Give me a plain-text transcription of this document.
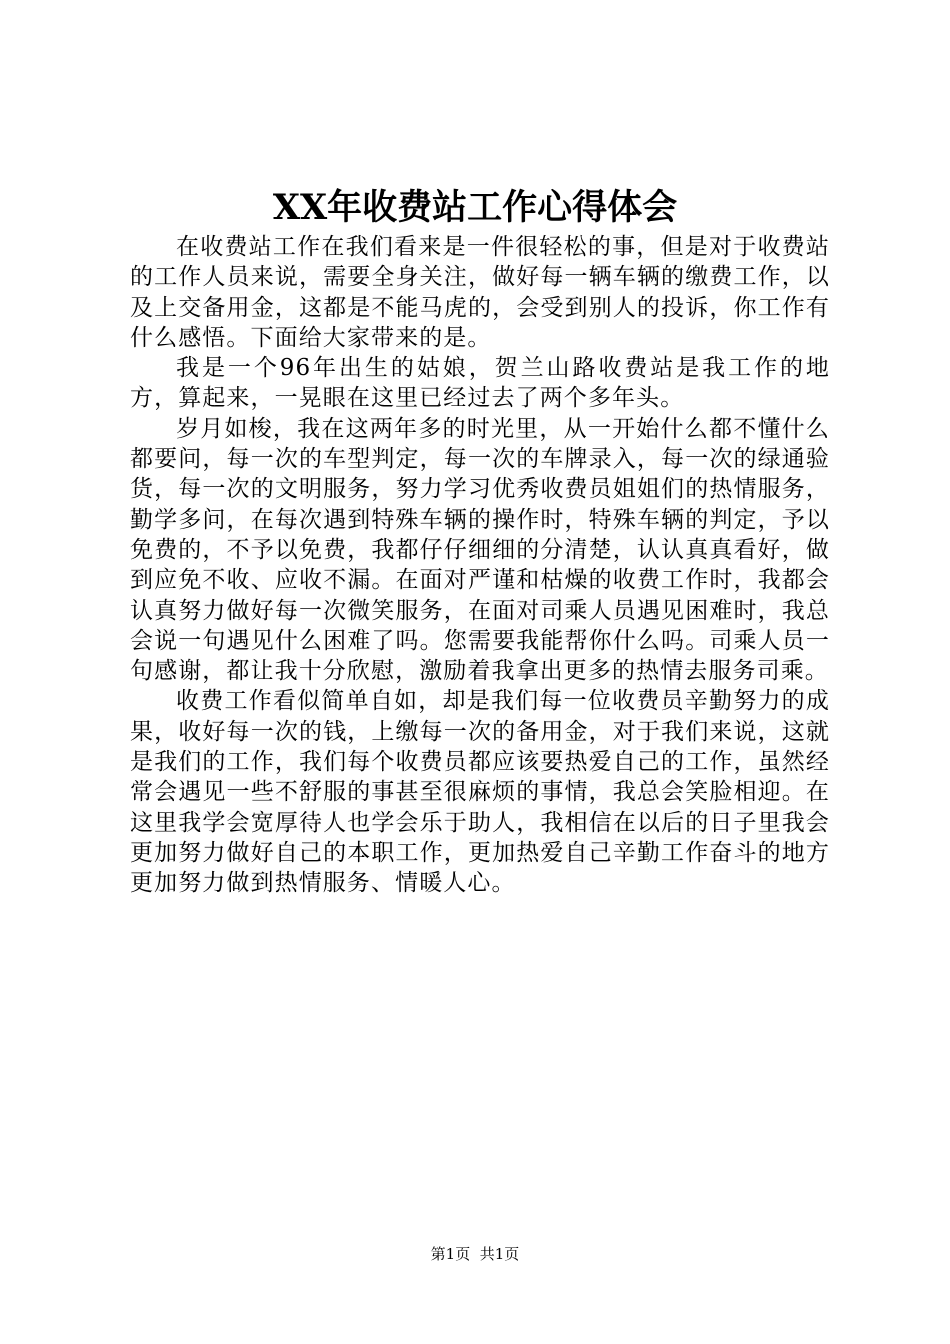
XX年收费站工作心得体会

在收费站工作在我们看来是一件很轻松的事，但是对于收费站的工作人员来说，需要全身关注，做好每一辆车辆的缴费工作，以及上交备用金，这都是不能马虎的，会受到别人的投诉，你工作有什么感悟。下面给大家带来的是。

我是一个96年出生的姑娘，贺兰山路收费站是我工作的地方，算起来，一晃眼在这里已经过去了两个多年头。

岁月如梭，我在这两年多的时光里，从一开始什么都不懂什么都要问，每一次的车型判定，每一次的车牌录入，每一次的绿通验货，每一次的文明服务，努力学习优秀收费员姐姐们的热情服务，勤学多问，在每次遇到特殊车辆的操作时，特殊车辆的判定，予以免费的，不予以免费，我都仔仔细细的分清楚，认认真真看好，做到应免不收、应收不漏。在面对严谨和枯燥的收费工作时，我都会认真努力做好每一次微笑服务，在面对司乘人员遇见困难时，我总会说一句遇见什么困难了吗。您需要我能帮你什么吗。司乘人员一句感谢，都让我十分欣慰，激励着我拿出更多的热情去服务司乘。

收费工作看似简单自如，却是我们每一位收费员辛勤努力的成果，收好每一次的钱，上缴每一次的备用金，对于我们来说，这就是我们的工作，我们每个收费员都应该要热爱自己的工作，虽然经常会遇见一些不舒服的事甚至很麻烦的事情，我总会笑脸相迎。在这里我学会宽厚待人也学会乐于助人，我相信在以后的日子里我会更加努力做好自己的本职工作，更加热爱自己辛勤工作奋斗的地方更加努力做到热情服务、情暖人心。

第1页 共1页
